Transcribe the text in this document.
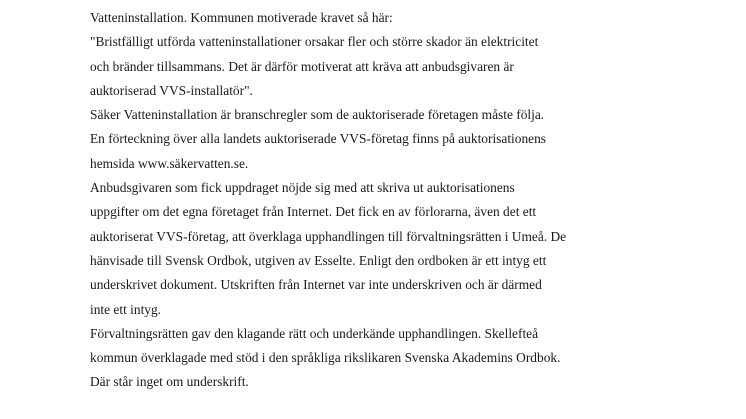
Vatteninstallation. Kommunen motiverade kravet så här:
"Bristfälligt utförda vatteninstallationer orsakar fler och större skador än elektricitet
och bränder tillsammans. Det är därför motiverat att kräva att anbudsgivaren är
auktoriserad VVS-installatör".
Säker Vatteninstallation är branschregler som de auktoriserade företagen måste följa.
En förteckning över alla landets auktoriserade VVS-företag finns på auktorisationens
hemsida www.säkervatten.se.
Anbudsgivaren som fick uppdraget nöjde sig med att skriva ut auktorisationens
uppgifter om det egna företaget från Internet. Det fick en av förlorarna, även det ett
auktoriserat VVS-företag, att överklaga upphandlingen till förvaltningsrätten i Umeå. De
hänvisade till Svensk Ordbok, utgiven av Esselte. Enligt den ordboken är ett intyg ett
underskrivet dokument. Utskriften från Internet var inte underskriven och är därmed
inte ett intyg.
Förvaltningsrätten gav den klagande rätt och underkände upphandlingen. Skellefteå
kommun överklagade med stöd i den språkliga rikslikaren Svenska Akademins Ordbok.
Där står inget om underskrift.
